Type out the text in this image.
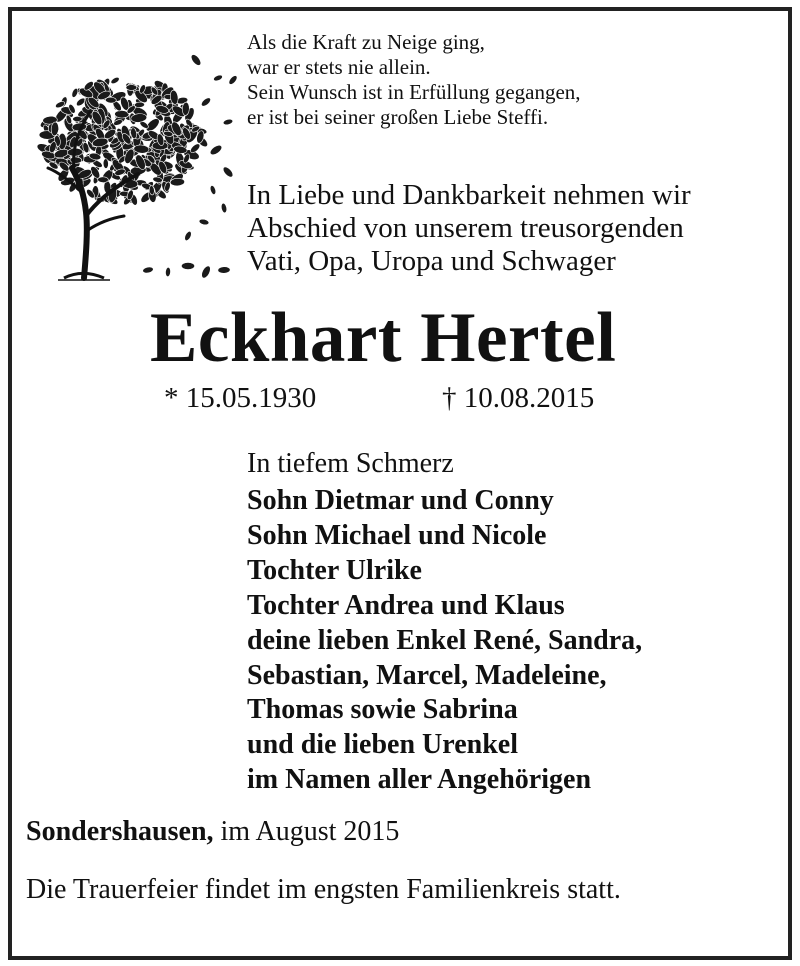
Als die Kraft zu Neige ging,
war er stets nie allein.
Sein Wunsch ist in Erfüllung gegangen,
er ist bei seiner großen Liebe Steffi.
In Liebe und Dankbarkeit nehmen wir
Abschied von unserem treusorgenden
Vati, Opa, Uropa und Schwager
Eckhart Hertel
* 15.05.1930	† 10.08.2015
In tiefem Schmerz
Sohn Dietmar und Conny
Sohn Michael und Nicole
Tochter Ulrike
Tochter Andrea und Klaus
deine lieben Enkel René, Sandra,
Sebastian, Marcel, Madeleine,
Thomas sowie Sabrina
und die lieben Urenkel
im Namen aller Angehörigen
Sondershausen, im August 2015
Die Trauerfeier findet im engsten Familienkreis statt.
